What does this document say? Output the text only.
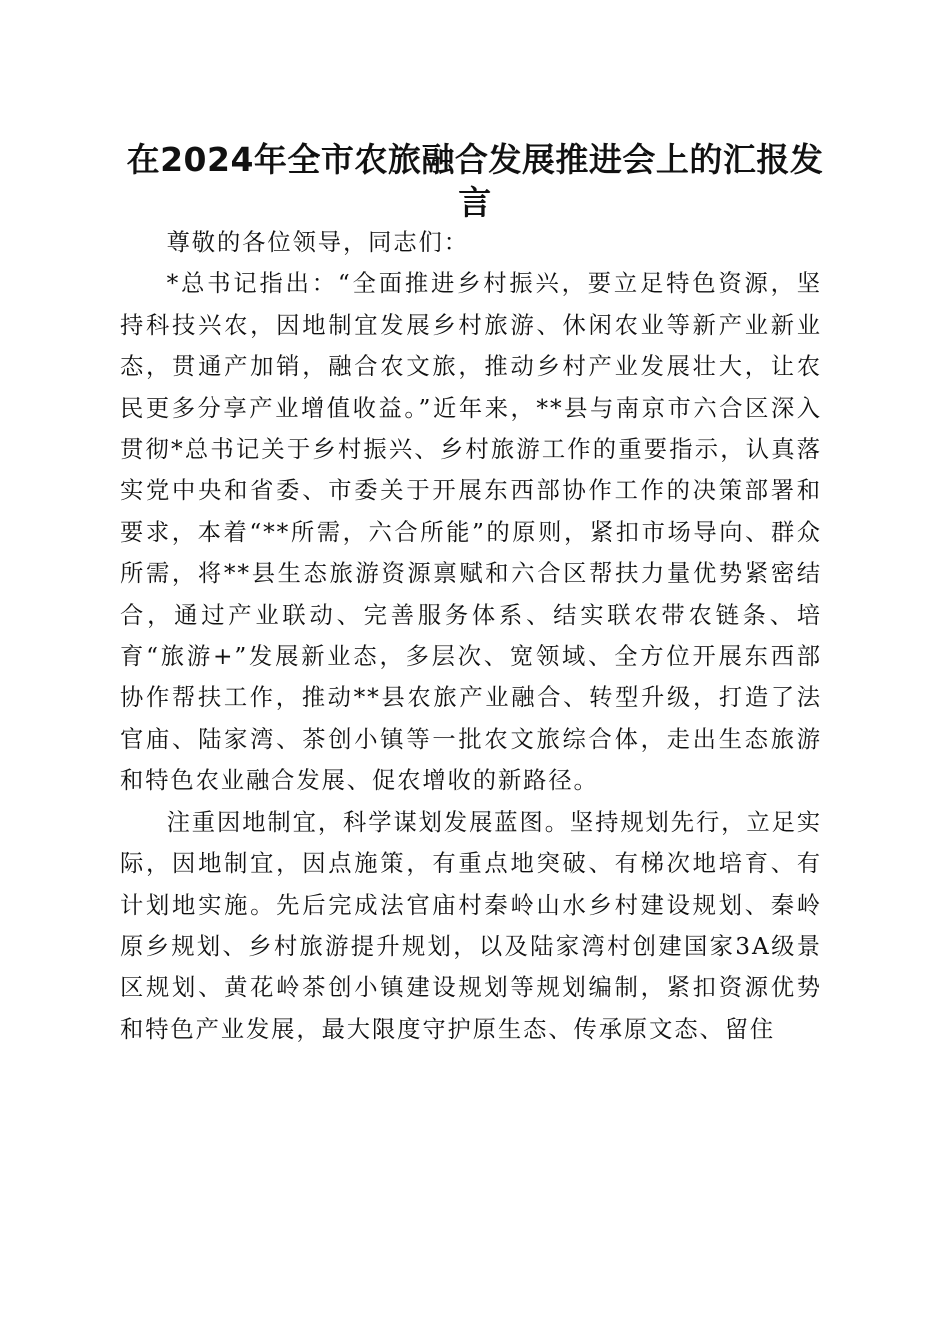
在2024年全市农旅融合发展推进会上的汇报发言

尊敬的各位领导，同志们：

*总书记指出：“全面推进乡村振兴，要立足特色资源，坚持科技兴农，因地制宜发展乡村旅游、休闲农业等新产业新业态，贯通产加销，融合农文旅，推动乡村产业发展壮大，让农民更多分享产业增值收益。”近年来，**县与南京市六合区深入贯彻*总书记关于乡村振兴、乡村旅游工作的重要指示，认真落实党中央和省委、市委关于开展东西部协作工作的决策部署和要求，本着“**所需，六合所能”的原则，紧扣市场导向、群众所需，将**县生态旅游资源禀赋和六合区帮扶力量优势紧密结合，通过产业联动、完善服务体系、结实联农带农链条、培育“旅游+”发展新业态，多层次、宽领域、全方位开展东西部协作帮扶工作，推动**县农旅产业融合、转型升级，打造了法官庙、陆家湾、茶创小镇等一批农文旅综合体，走出生态旅游和特色农业融合发展、促农增收的新路径。

注重因地制宜，科学谋划发展蓝图。坚持规划先行，立足实际，因地制宜，因点施策，有重点地突破、有梯次地培育、有计划地实施。先后完成法官庙村秦岭山水乡村建设规划、秦岭原乡规划、乡村旅游提升规划，以及陆家湾村创建国家3A级景区规划、黄花岭茶创小镇建设规划等规划编制，紧扣资源优势和特色产业发展，最大限度守护原生态、传承原文态、留住
